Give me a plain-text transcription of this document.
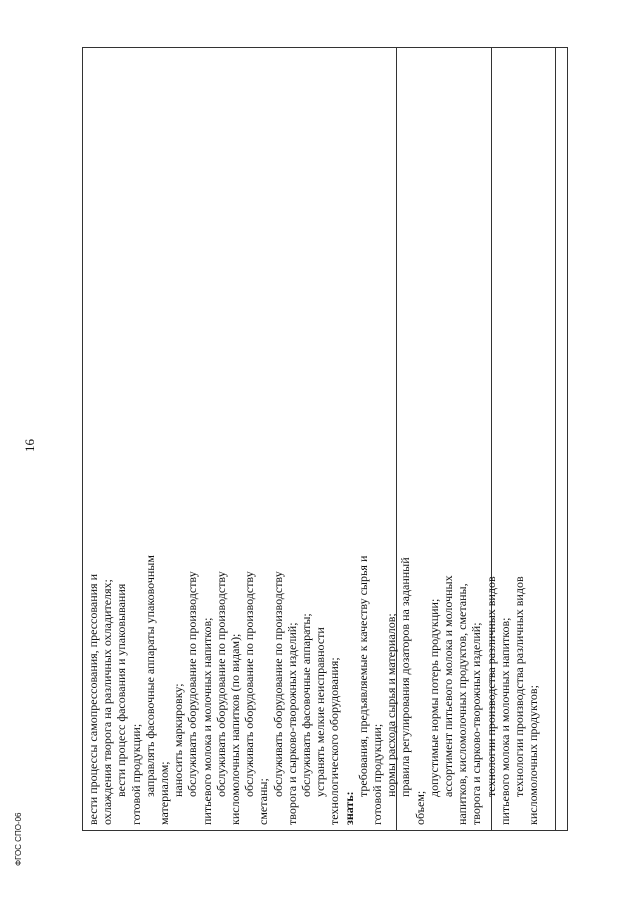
вести процессы самопрессования, прессования и охлаждения творога на различных охладителях; вести процесс фасования и упаковывания готовой продукции; заправлять фасовочные аппараты упаковочным материалом; наносить маркировку; обслуживать оборудование по производству питьевого молока и молочных напитков; обслуживать оборудование по производству кисломолочных напитков (по видам); обслуживать оборудование по производству
сметаны;
обслуживать оборудование по производству творога и сырково-творожных изделий; обслуживать фасовочные аппараты; устранять мелкие неисправности технологического оборудования; знать:
требования, предъявляемые к качеству сырья и готовой продукции; нормы расхода сырья и материалов; правила регулирования дозаторов на заданный
объем;
допустимые нормы потерь продукции; ассортимент питьевого молока и молочных напитков, кисломолочных продуктов, сметаны, творога и сырково-творожных изделий; технологии производства различных видов питьевого молока и молочных напитков; технологии производства различных видов кисломолочных продуктов;
16
ФГОС СПО-06
